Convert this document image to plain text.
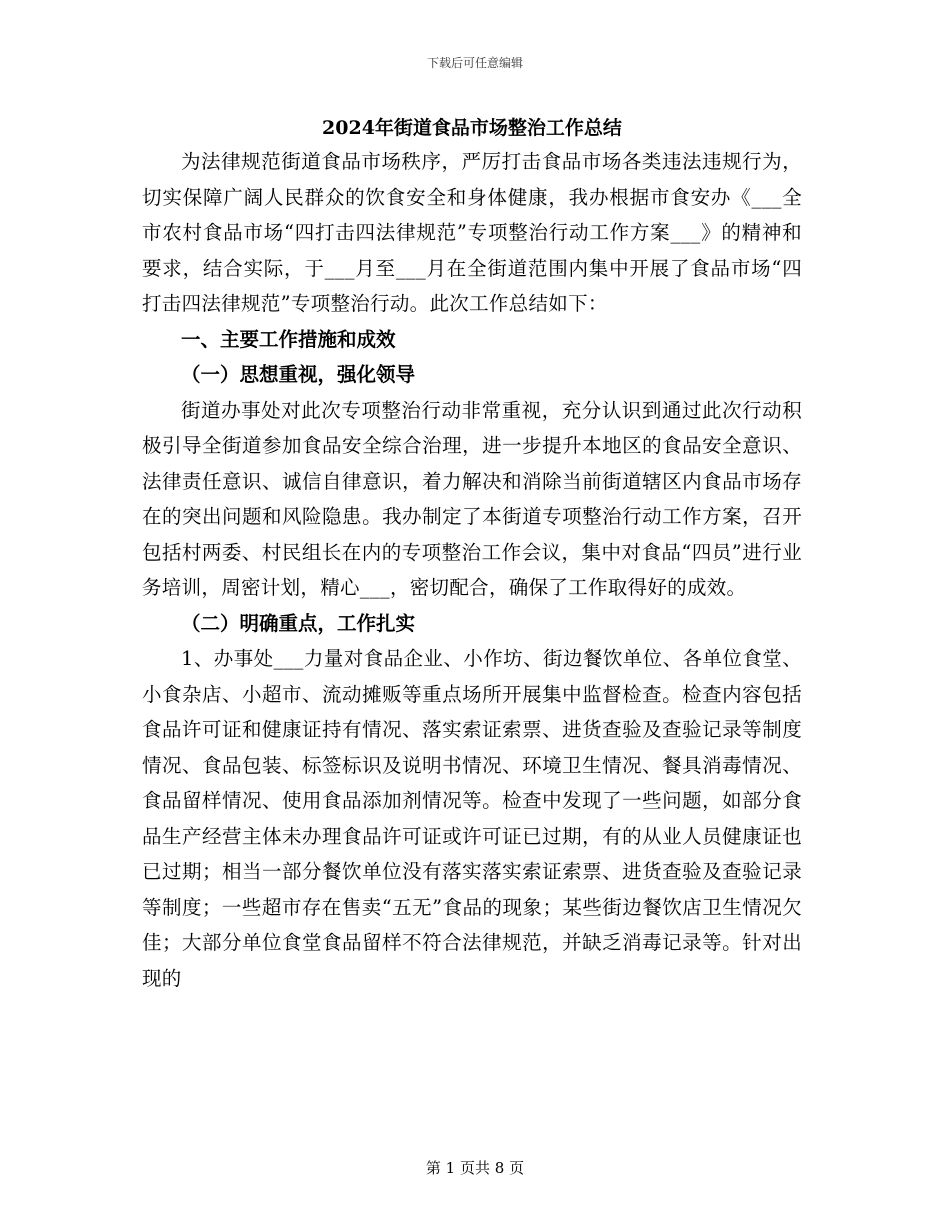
下载后可任意编辑

2024年街道食品市场整治工作总结

为法律规范街道食品市场秩序，严厉打击食品市场各类违法违规行为，切实保障广阔人民群众的饮食安全和身体健康，我办根据市食安办《___全市农村食品市场“四打击四法律规范”专项整治行动工作方案___》的精神和要求，结合实际，于___月至___月在全街道范围内集中开展了食品市场“四打击四法律规范”专项整治行动。此次工作总结如下：

一、主要工作措施和成效

（一）思想重视，强化领导

街道办事处对此次专项整治行动非常重视，充分认识到通过此次行动积极引导全街道参加食品安全综合治理，进一步提升本地区的食品安全意识、法律责任意识、诚信自律意识，着力解决和消除当前街道辖区内食品市场存在的突出问题和风险隐患。我办制定了本街道专项整治行动工作方案，召开包括村两委、村民组长在内的专项整治工作会议，集中对食品“四员”进行业务培训，周密计划，精心___，密切配合，确保了工作取得好的成效。

（二）明确重点，工作扎实

1、办事处___力量对食品企业、小作坊、街边餐饮单位、各单位食堂、小食杂店、小超市、流动摊贩等重点场所开展集中监督检查。检查内容包括食品许可证和健康证持有情况、落实索证索票、进货查验及查验记录等制度情况、食品包装、标签标识及说明书情况、环境卫生情况、餐具消毒情况、食品留样情况、使用食品添加剂情况等。检查中发现了一些问题，如部分食品生产经营主体未办理食品许可证或许可证已过期，有的从业人员健康证也已过期；相当一部分餐饮单位没有落实落实索证索票、进货查验及查验记录等制度；一些超市存在售卖“五无”食品的现象；某些街边餐饮店卫生情况欠佳；大部分单位食堂食品留样不符合法律规范，并缺乏消毒记录等。针对出现的

第 1 页共 8 页
